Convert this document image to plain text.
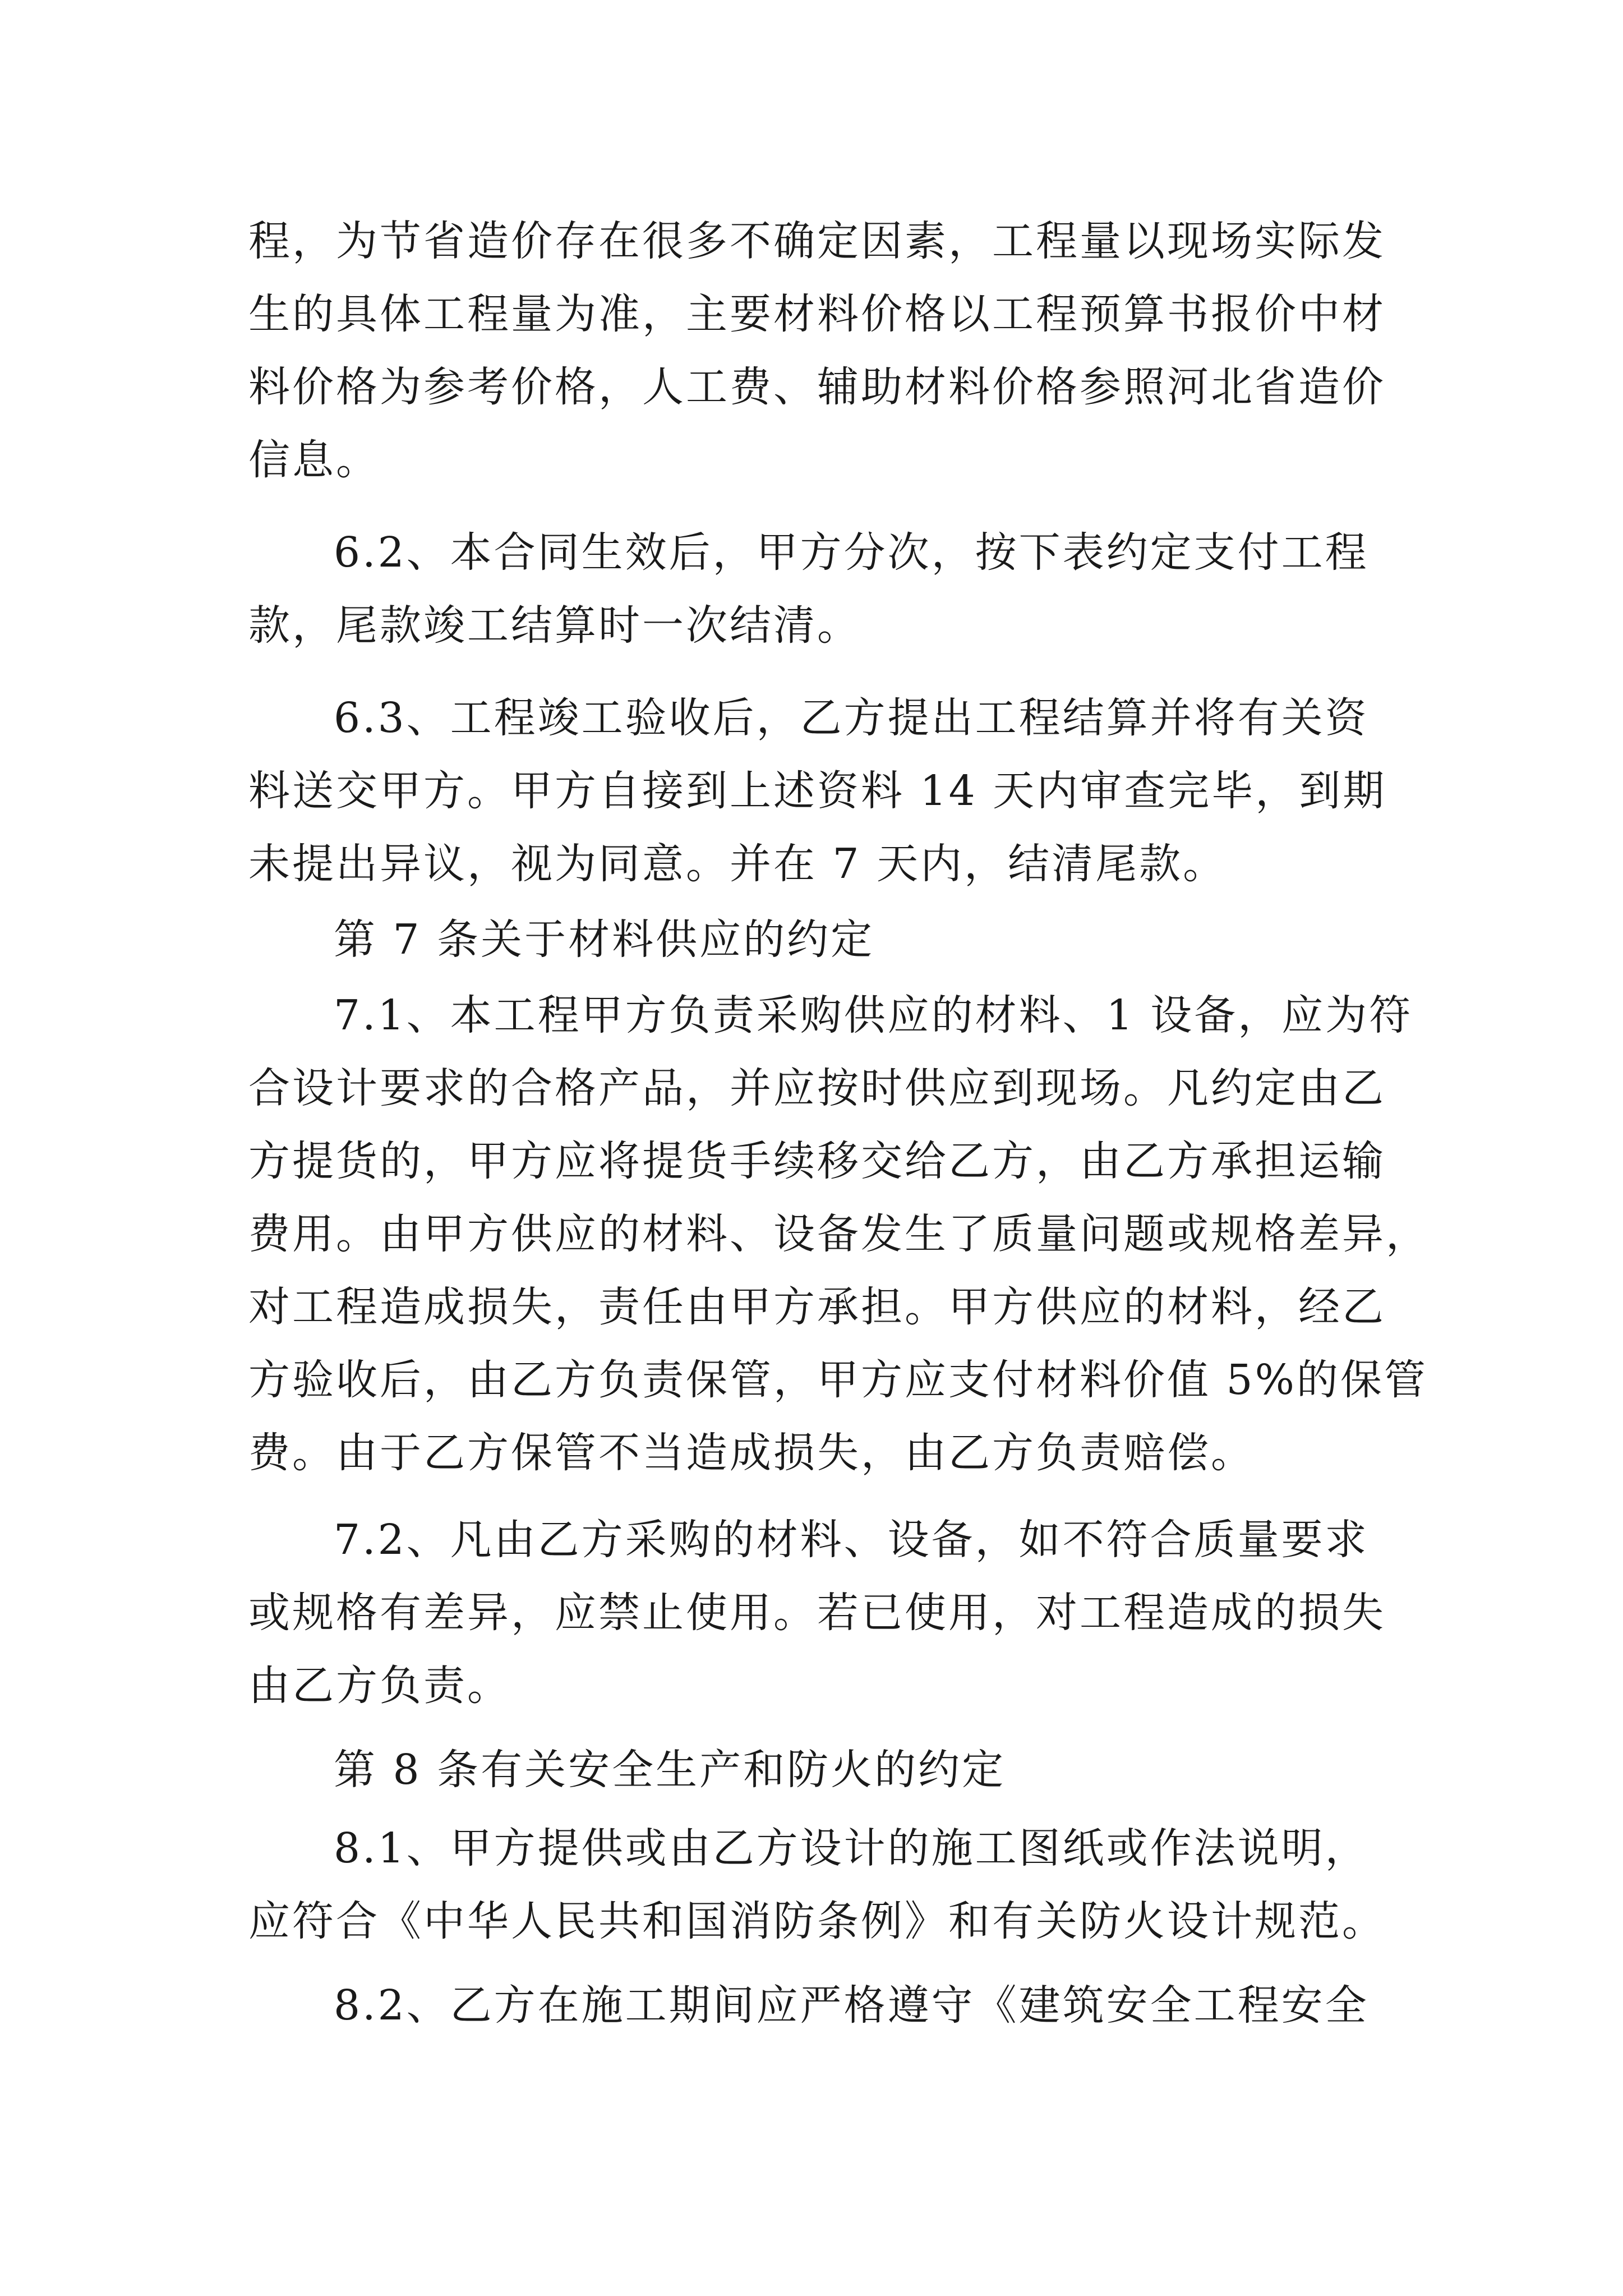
程，为节省造价存在很多不确定因素，工程量以现场实际发
生的具体工程量为准，主要材料价格以工程预算书报价中材
料价格为参考价格，人工费、辅助材料价格参照河北省造价
信息。
6.2、本合同生效后，甲方分次，按下表约定支付工程
款，尾款竣工结算时一次结清。
6.3、工程竣工验收后，乙方提出工程结算并将有关资
料送交甲方。甲方自接到上述资料 14 天内审查完毕，到期
未提出异议，视为同意。并在 7 天内，结清尾款。
第 7 条关于材料供应的约定
7.1、本工程甲方负责采购供应的材料、1 设备，应为符
合设计要求的合格产品，并应按时供应到现场。凡约定由乙
方提货的，甲方应将提货手续移交给乙方，由乙方承担运输
费用。由甲方供应的材料、设备发生了质量问题或规格差异，
对工程造成损失，责任由甲方承担。甲方供应的材料，经乙
方验收后，由乙方负责保管，甲方应支付材料价值 5%的保管
费。由于乙方保管不当造成损失，由乙方负责赔偿。
7.2、凡由乙方采购的材料、设备，如不符合质量要求
或规格有差异，应禁止使用。若已使用，对工程造成的损失
由乙方负责。
第 8 条有关安全生产和防火的约定
8.1、甲方提供或由乙方设计的施工图纸或作法说明，
应符合《中华人民共和国消防条例》和有关防火设计规范。
8.2、乙方在施工期间应严格遵守《建筑安全工程安全
